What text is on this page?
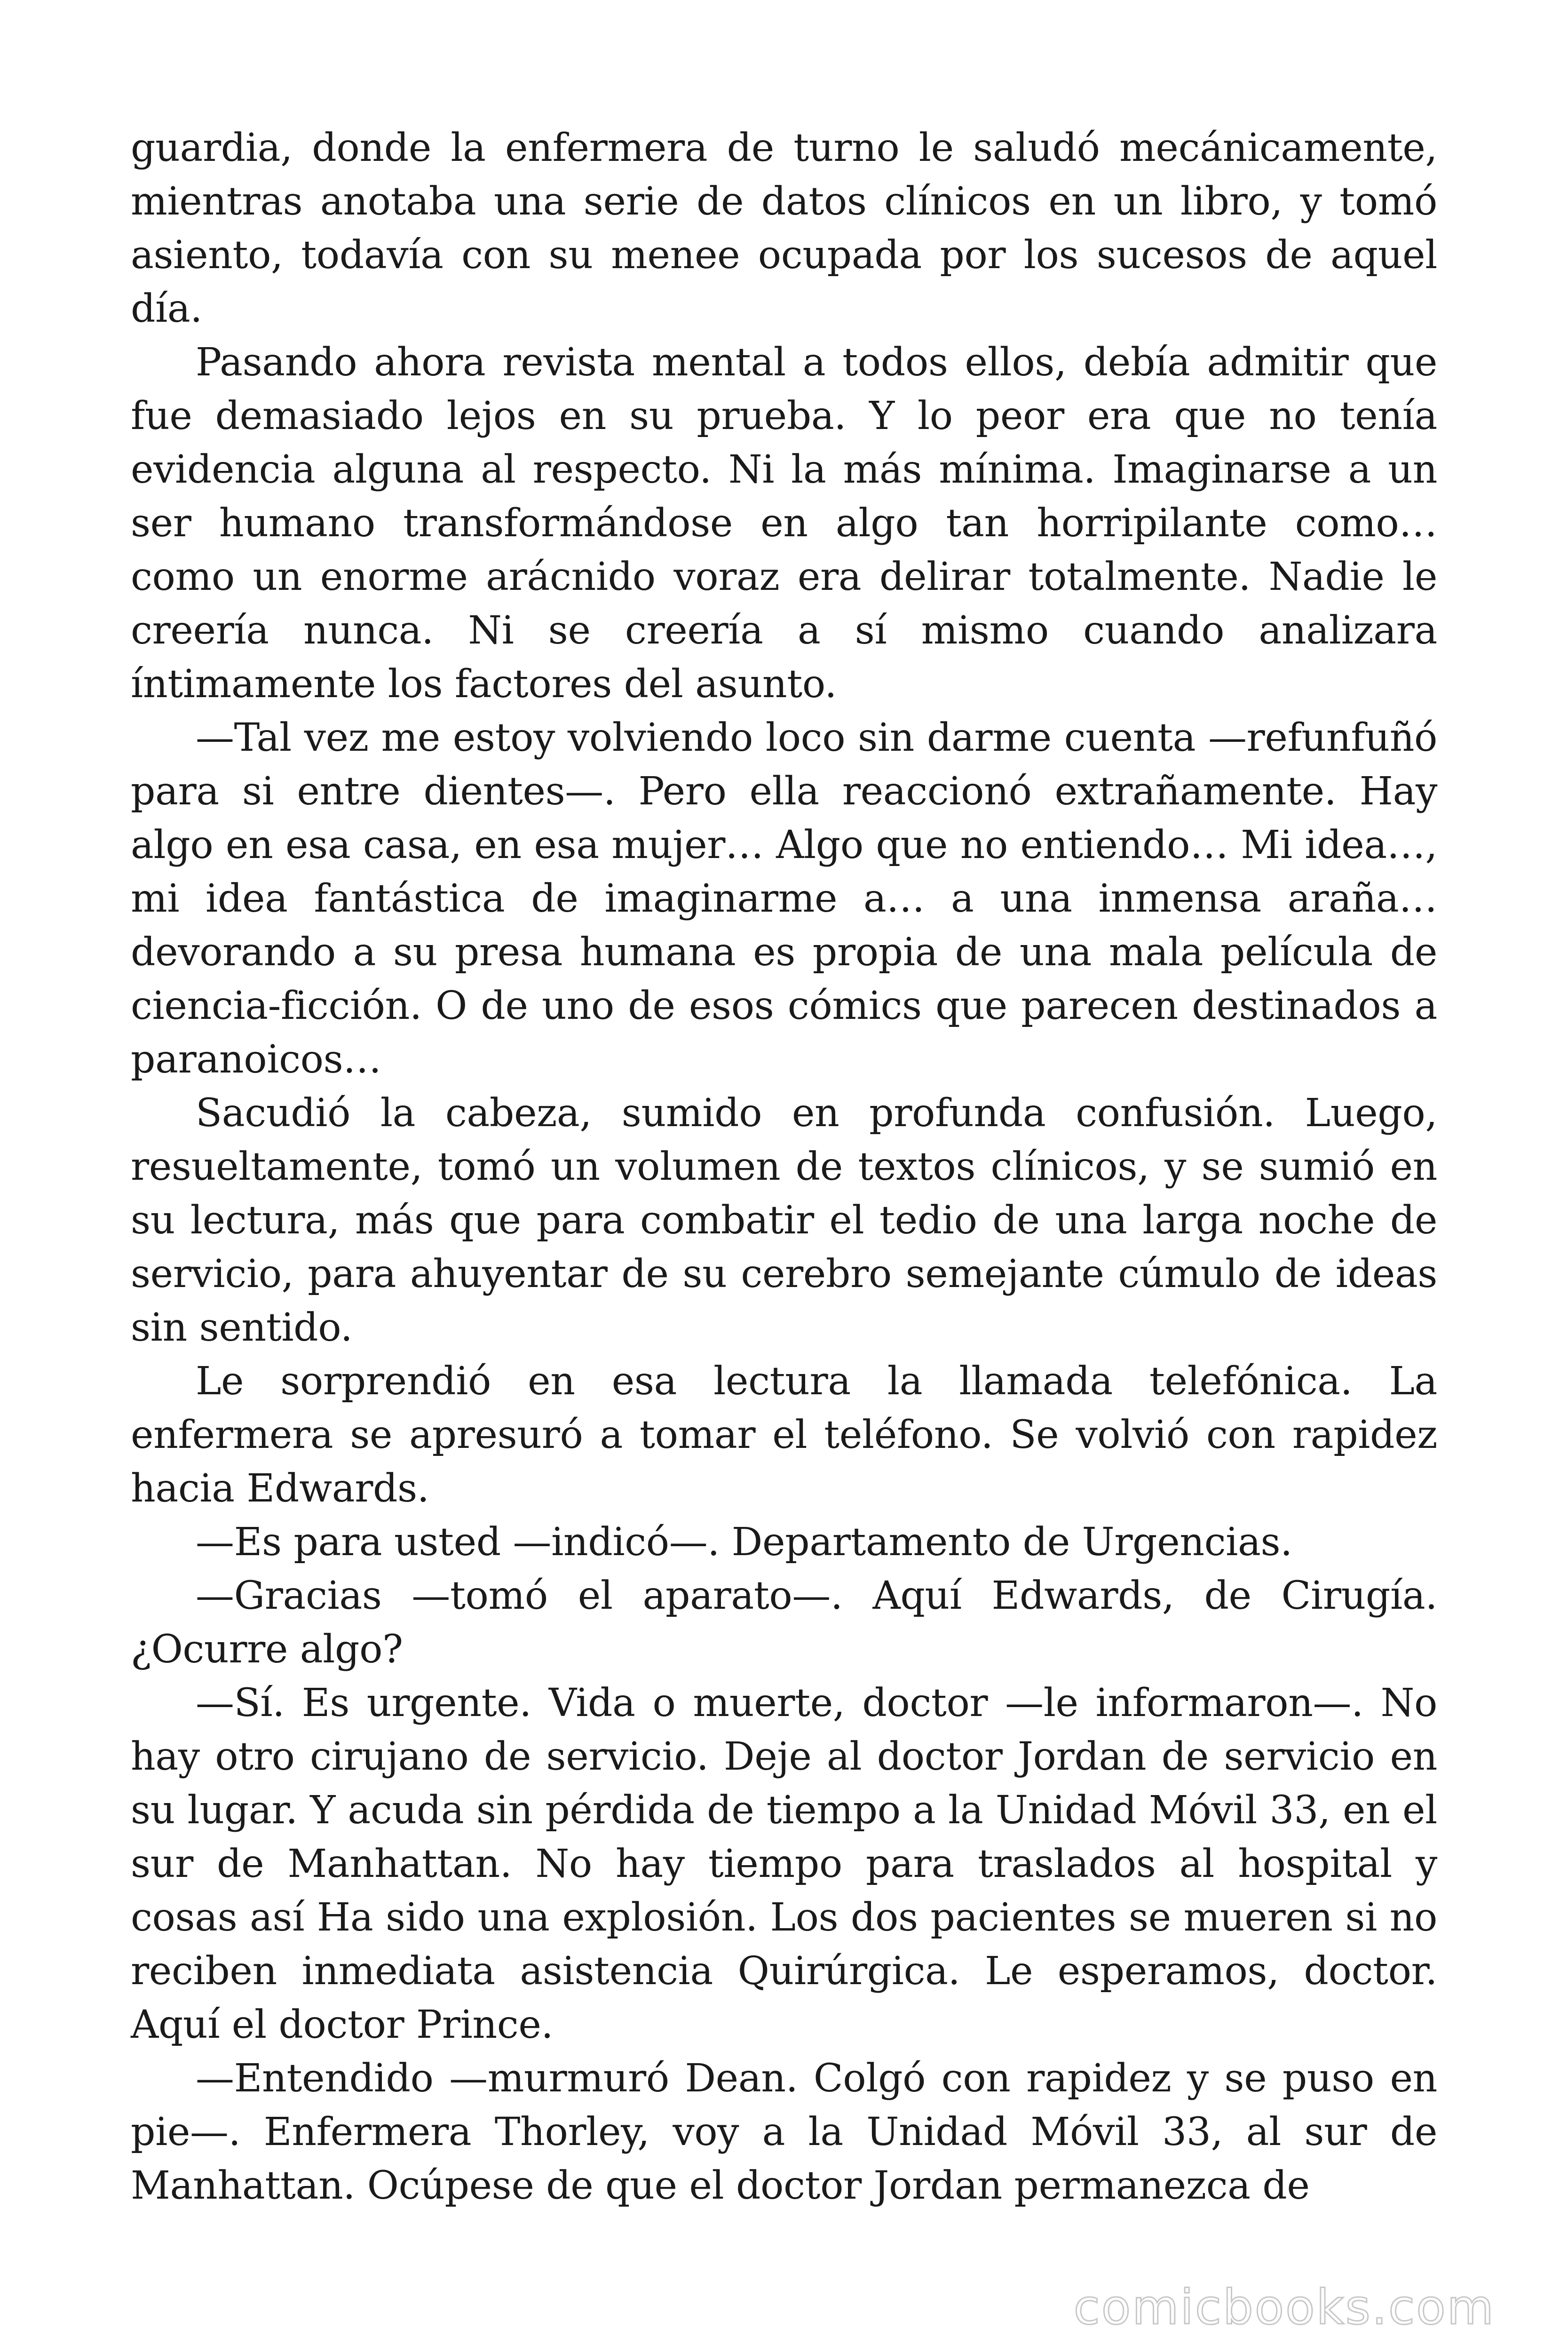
guardia, donde la enfermera de turno le saludó mecánicamente, mientras anotaba una serie de datos clínicos en un libro, y tomó asiento, todavía con su menee ocupada por los sucesos de aquel día.

Pasando ahora revista mental a todos ellos, debía admitir que fue demasiado lejos en su prueba. Y lo peor era que no tenía evidencia alguna al respecto. Ni la más mínima. Imaginarse a un ser humano transformándose en algo tan horripilante como… como un enorme arácnido voraz era delirar totalmente. Nadie le creería nunca. Ni se creería a sí mismo cuando analizara íntimamente los factores del asunto.

—Tal vez me estoy volviendo loco sin darme cuenta —refunfuñó para si entre dientes—. Pero ella reaccionó extrañamente. Hay algo en esa casa, en esa mujer… Algo que no entiendo… Mi idea…, mi idea fantástica de imaginarme a… a una inmensa araña… devorando a su presa humana es propia de una mala película de ciencia-ficción. O de uno de esos cómics que parecen destinados a paranoicos…

Sacudió la cabeza, sumido en profunda confusión. Luego, resueltamente, tomó un volumen de textos clínicos, y se sumió en su lectura, más que para combatir el tedio de una larga noche de servicio, para ahuyentar de su cerebro semejante cúmulo de ideas sin sentido.

Le sorprendió en esa lectura la llamada telefónica. La enfermera se apresuró a tomar el teléfono. Se volvió con rapidez hacia Edwards.

—Es para usted —indicó—. Departamento de Urgencias.

—Gracias —tomó el aparato—. Aquí Edwards, de Cirugía. ¿Ocurre algo?

—Sí. Es urgente. Vida o muerte, doctor —le informaron—. No hay otro cirujano de servicio. Deje al doctor Jordan de servicio en su lugar. Y acuda sin pérdida de tiempo a la Unidad Móvil 33, en el sur de Manhattan. No hay tiempo para traslados al hospital y cosas así Ha sido una explosión. Los dos pacientes se mueren si no reciben inmediata asistencia Quirúrgica. Le esperamos, doctor. Aquí el doctor Prince.

—Entendido —murmuró Dean. Colgó con rapidez y se puso en pie—. Enfermera Thorley, voy a la Unidad Móvil 33, al sur de Manhattan. Ocúpese de que el doctor Jordan permanezca de

comicbooks.com
